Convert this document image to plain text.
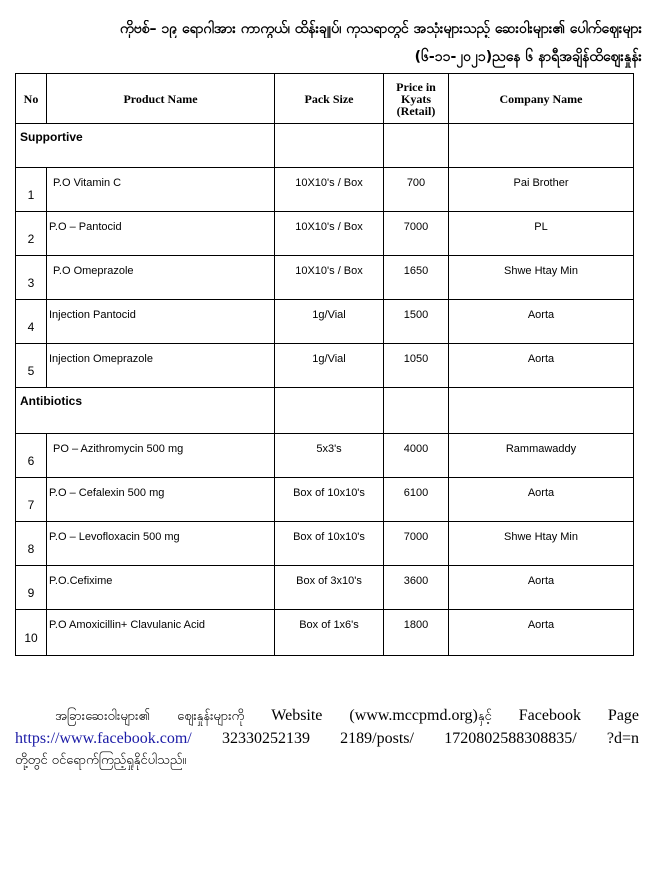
ကိုဗစ်– ၁၉ ရောဂါအား ကာကွယ်၊ ထိန်းချုပ်၊ ကုသရာတွင် အသုံးများသည့် ဆေးဝါးများ၏ ပေါက်ဈေးများ
(၆-၁၁-၂၀၂၁)ညနေ ၆ နာရီအချိန်ထိဈေးနှုန်း
No	Product Name	Pack Size	Price in Kyats (Retail)	Company Name
Supportive				
1	P.O Vitamin C	10X10's / Box	700	Pai Brother
2	P.O – Pantocid	10X10's / Box	7000	PL
3	P.O Omeprazole	10X10's / Box	1650	Shwe Htay Min
4	Injection Pantocid	1g/Vial	1500	Aorta
5	Injection Omeprazole	1g/Vial	1050	Aorta
Antibiotics				
6	PO – Azithromycin 500 mg	5x3's	4000	Rammawaddy
7	P.O – Cefalexin 500 mg	Box of 10x10's	6100	Aorta
8	P.O – Levofloxacin 500 mg	Box of 10x10's	7000	Shwe Htay Min
9	P.O.Cefixime	Box of 3x10's	3600	Aorta
10	P.O Amoxicillin+ Clavulanic Acid	Box of 1x6's	1800	Aorta
အခြားဆေးဝါးများ၏ ဈေးနှုန်းများကို Website (www.mccpmd.org)နှင့် Facebook Page
https://www.facebook.com/ 32330252139 2189/posts/ 1720802588308835/ ?d=n
တို့တွင် ဝင်ရောက်ကြည့်ရှုနိုင်ပါသည်။
